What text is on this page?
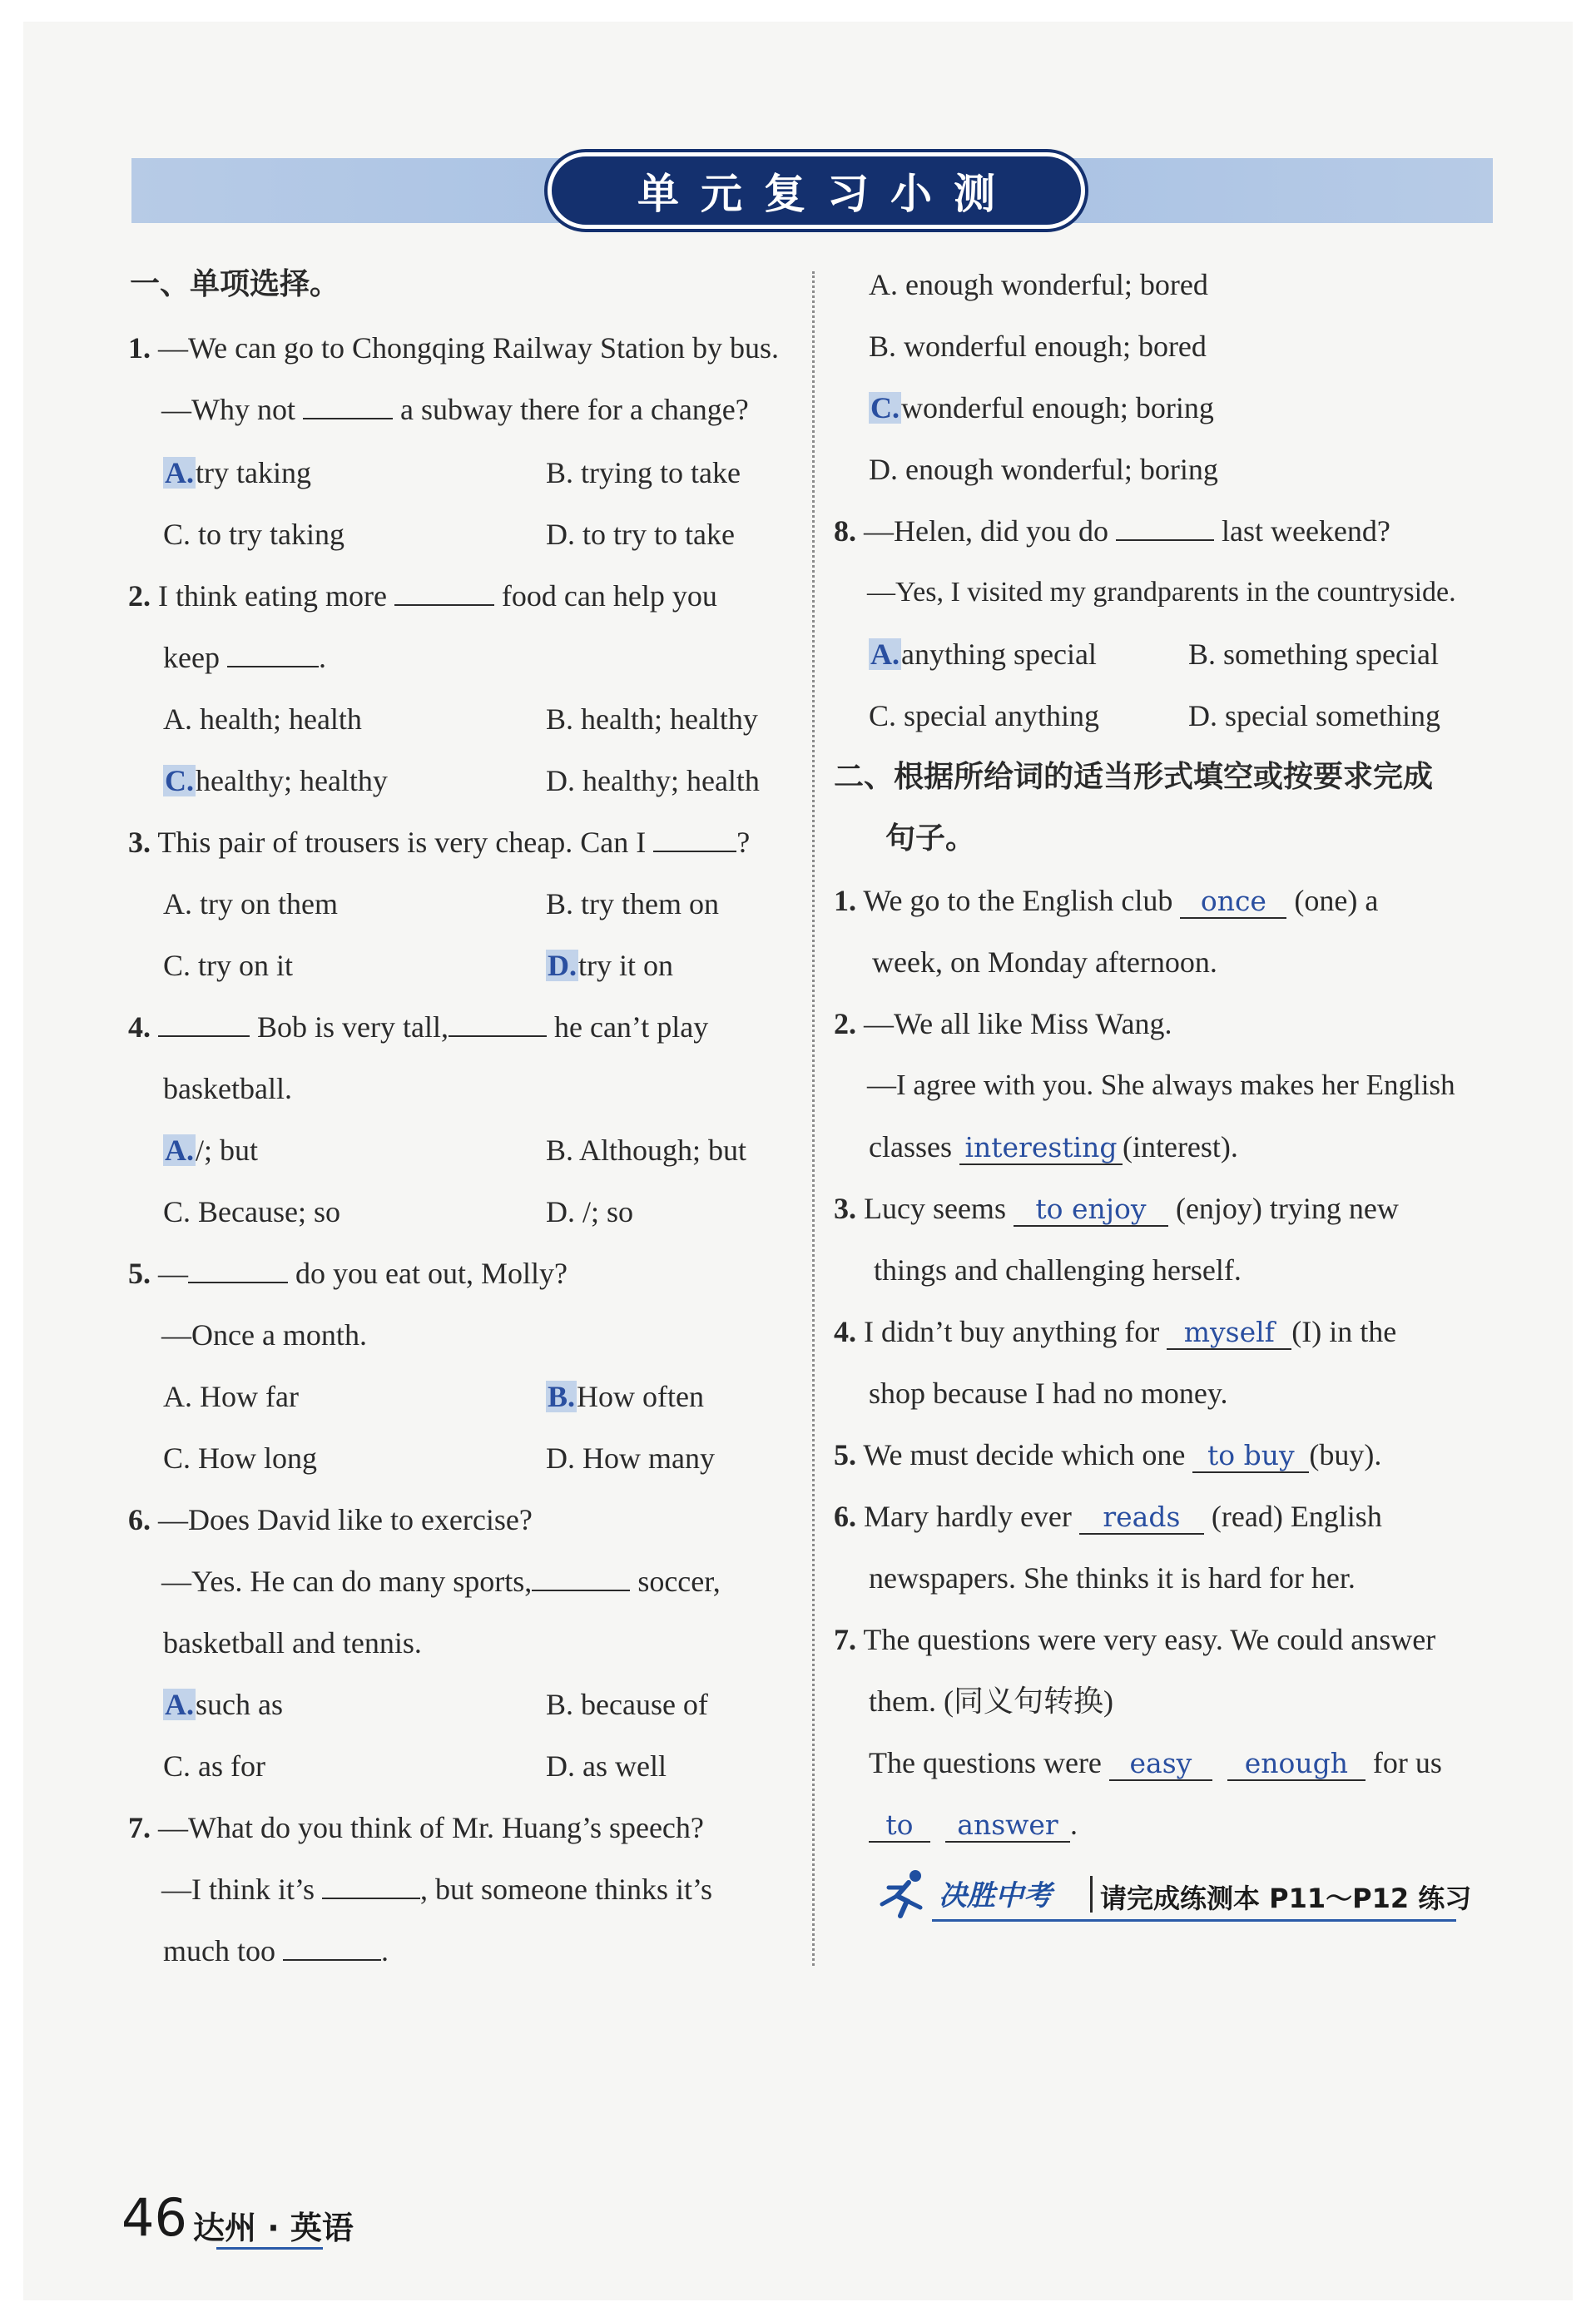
单元复习小测
一、单项选择。
1. —We can go to Chongqing Railway Station by bus.
—Why not	a subway there for a change?
A.try taking	B. trying to take
C. to try taking	D. to try to take
2. I think eating more	food can help you
keep	.
A. health; health	B. health; healthy
C.healthy; healthy	D. healthy; health
3. This pair of trousers is very cheap. Can I	?
A. try on them	B. try them on
C. try on it	D.try it on
4.	Bob is very tall,	he can’t play
basketball.
A./; but	B. Although; but
C. Because; so	D. /; so
5. —	do you eat out, Molly?
—Once a month.
A. How far	B.How often
C. How long	D. How many
6. —Does David like to exercise?
—Yes. He can do many sports,	soccer,
basketball and tennis.
A.such as	B. because of
C. as for	D. as well
7. —What do you think of Mr. Huang’s speech?
—I think it’s	, but someone thinks it’s
much too	.
A. enough wonderful; bored
B. wonderful enough; bored
C.wonderful enough; boring
D. enough wonderful; boring
8. —Helen, did you do	last weekend?
—Yes, I visited my grandparents in the countryside.
A.anything special	B. something special
C. special anything	D. special something
二、根据所给词的适当形式填空或按要求完成
句子。
1. We go to the English club once (one) a
week, on Monday afternoon.
2. —We all like Miss Wang.
—I agree with you. She always makes her English
classes interesting (interest).
3. Lucy seems to enjoy (enjoy) trying new
things and challenging herself.
4. I didn’t buy anything for myself (I) in the
shop because I had no money.
5. We must decide which one to buy (buy).
6. Mary hardly ever reads (read) English
newspapers. She thinks it is hard for her.
7. The questions were very easy. We could answer
them. (同义句转换)
The questions were easy enough for us
to answer .
决胜中考 请完成练测本 P11～P12 练习
46 达州 · 英语
